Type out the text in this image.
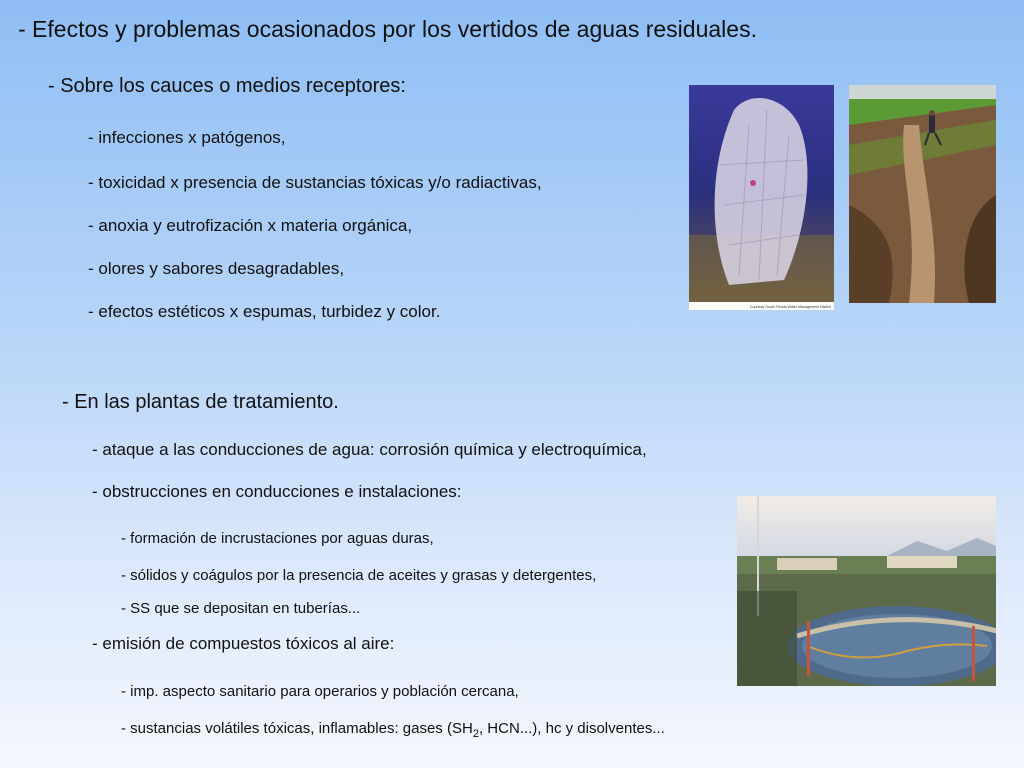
- Efectos y problemas ocasionados por los vertidos de aguas residuales.

- Sobre los cauces o medios receptores:

- infecciones x patógenos,

- toxicidad x presencia de sustancias tóxicas y/o radiactivas,

- anoxia y eutrofización x materia orgánica,

- olores y sabores desagradables,

- efectos estéticos x espumas, turbidez y color.

- En las plantas de tratamiento.

- ataque a las conducciones de agua: corrosión química y electroquímica,

- obstrucciones en conducciones e instalaciones:

- formación de incrustaciones por aguas duras,

- sólidos y coágulos por la presencia de aceites y grasas y detergentes,

- SS que se depositan en tuberías...

- emisión de compuestos tóxicos al aire:

- imp. aspecto sanitario para operarios y población cercana,

- sustancias volátiles tóxicas, inflamables: gases ($SH_2$, HCN...), hc y disolventes...

Courtesy South Florida Water Management District
